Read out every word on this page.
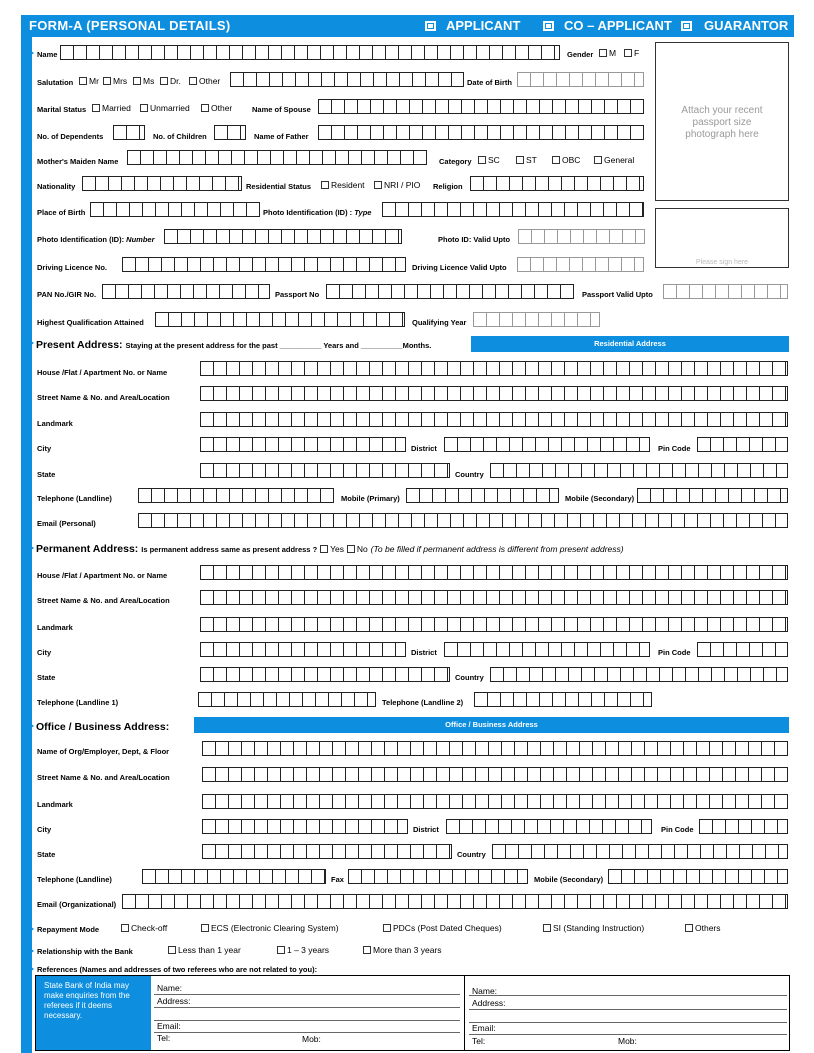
FORM-A (PERSONAL DETAILS)	APPLICANT	CO – APPLICANT GUARANTOR
Attach your recent passport size photograph here
Please sign here
Name	Gender	M	F
Salutation	Mr	Mrs	Ms	Dr.	Other	Date of Birth
Marital Status	Married	Unmarried	Other	Name of Spouse
No. of Dependents	No. of Children	Name of Father
Mother's Maiden Name	Category	SC	ST	OBC	General
Nationality	Residential Status	Resident	NRI / PIO Religion
Place of Birth	Photo Identification (ID) : Type
Photo Identification (ID): Number	Photo ID: Valid Upto
Driving Licence No.	Driving Licence Valid Upto
PAN No./GIR No.	Passport No	Passport Valid Upto
Highest Qualification Attained	Qualifying Year
Present Address: Staying at the present address for the past __________ Years and __________Months.	Residential Address
House /Flat / Apartment No. or Name
Street Name & No. and Area/Location
Landmark
City	District	Pin Code
State	Country
Telephone (Landline)	Mobile (Primary)	Mobile (Secondary)
Email (Personal)
Permanent Address: Is permanent address same as present address ? Yes No (To be filled if permanent address is different from present address)
House /Flat / Apartment No. or Name
Street Name & No. and Area/Location
Landmark
City	District	Pin Code
State	Country
Telephone (Landline 1)	Telephone (Landline 2)
Office / Business Address:	Office / Business Address
Name of Org/Employer, Dept, & Floor
Street Name & No. and Area/Location
Landmark
City	District	Pin Code
State	Country
Telephone (Landline)	Fax	Mobile (Secondary)
Email (Organizational)
Repayment Mode	Check-off	ECS (Electronic Clearing System)	PDCs (Post Dated Cheques)	SI (Standing Instruction)	Others
Relationship with the Bank	Less than 1 year	1 – 3 years	More than 3 years
References (Names and addresses of two referees who are not related to you):
State Bank of India may make enquiries from the referees if it deems necessary.
Name:
Address:
Email:
Tel:	Mob:
Name:
Address:
Email:
Tel:	Mob:
